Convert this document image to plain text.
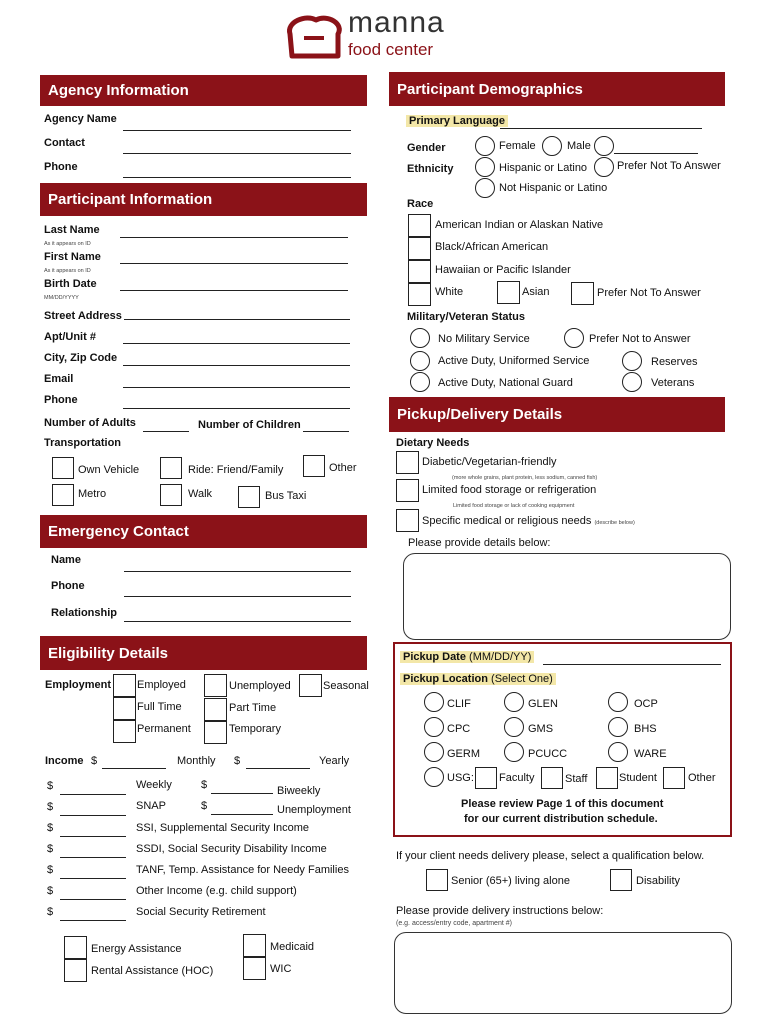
manna
food center
Agency Information
Agency Name
Contact
Phone
Participant Information
Last Name
As it appears on ID
First Name
As it appears on ID
Birth Date
MM/DD/YYYY
Street Address
Apt/Unit #
City, Zip Code
Email
Phone
Number of Adults	Number of Children
Transportation
Own Vehicle	Ride: Friend/Family	Other
Metro	Walk	Bus Taxi
Emergency Contact
Name
Phone
Relationship
Eligibility Details
Employment Employed	Unemployed	Seasonal
Full Time	Part Time
Permanent	Temporary
Income $	Monthly $	Yearly
$	Weekly	$	Biweekly
$	SNAP	$	Unemployment
$	SSI, Supplemental Security Income
$	SSDI, Social Security Disability Income
$	TANF, Temp. Assistance for Needy Families
$	Other Income (e.g. child support)
$	Social Security Retirement
Energy Assistance
Rental Assistance (HOC)
Medicaid
WIC
Participant Demographics
Primary Language
Gender	Female	Male
Ethnicity	Hispanic or Latino	Prefer Not To Answer
Not Hispanic or Latino
Race
American Indian or Alaskan Native
Black/African American
Hawaiian or Pacific Islander
White	Asian	Prefer Not To Answer
Military/Veteran Status
No Military Service	Prefer Not to Answer
Active Duty, Uniformed Service	Reserves
Active Duty, National Guard	Veterans
Pickup/Delivery Details
Dietary Needs
Diabetic/Vegetarian-friendly
(more whole grains, plant protein, less sodium, canned fish)
Limited food storage or refrigeration
Limited food storage or lack of cooking equipment
Specific medical or religious needs (describe below)
Please provide details below:
Pickup Date (MM/DD/YY)
Pickup Location (Select One)
CLIF	GLEN	OCP
CPC	GMS	BHS
GERM	PCUCC	WARE
USG: Faculty	Staff	Student	Other
Please review Page 1 of this document
for our current distribution schedule.
If your client needs delivery please, select a qualification below.
Senior (65+) living alone	Disability
Please provide delivery instructions below:
(e.g. access/entry code, apartment #)
